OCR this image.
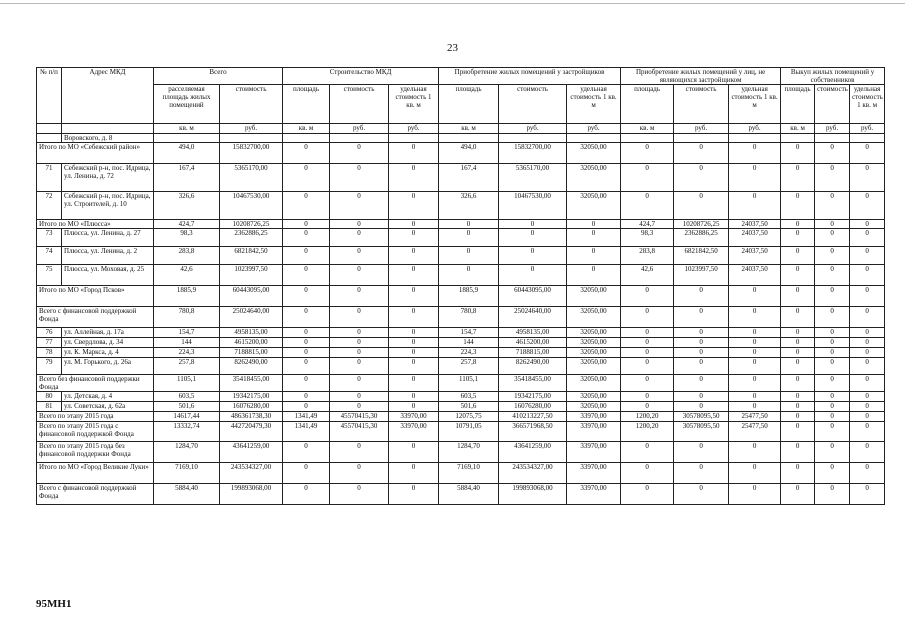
23
№ п/п	Адрес МКД	Всего		Строительство МКД			Приобретение жилых помещений у застройщиков			Приобретение жилых помещений у лиц, не являющихся застройщиком			Выкуп жилых помещений у собственников		
		расселяемая площадь жилых помещений	стоимость	площадь	стоимость	удельная стоимость 1 кв. м	площадь	стоимость	удельная стоимость 1 кв. м	площадь	стоимость	удельная стоимость 1 кв. м	площадь	стоимость	удельная стоимость 1 кв. м
		кв. м	руб.	кв. м	руб.	руб.	кв. м	руб.	руб.	кв. м	руб.	руб.	кв. м	руб.	руб.
	Воровского, д. 8														
Итого по МО «Себежский район»		494,0	15832700,00	0	0	0	494,0	15832700,00	32050,00	0	0	0	0	0	0
71	Себежский р-н, пос. Идрица, ул. Ленина, д. 72	167,4	5365170,00	0	0	0	167,4	5365170,00	32050,00	0	0	0	0	0	0
72	Себежский р-н, пос. Идрица, ул. Строителей, д. 10	326,6	10467530,00	0	0	0	326,6	10467530,00	32050,00	0	0	0	0	0	0
Итого по МО «Плюсса»		424,7	10208726,25	0	0	0	0	0	0	424,7	10208726,25	24037,50	0	0	0
73	Плюсса, ул. Ленина, д. 27	98,3	2362886,25	0	0	0	0	0	0	98,3	2362886,25	24037,50	0	0	0
74	Плюсса, ул. Ленина, д. 2	283,8	6821842,50	0	0	0	0	0	0	283,8	6821842,50	24037,50	0	0	0
75	Плюсса, ул. Моховая, д. 25	42,6	1023997,50	0	0	0	0	0	0	42,6	1023997,50	24037,50	0	0	0
Итого по МО «Город Псков»		1885,9	60443095,00	0	0	0	1885,9	60443095,00	32050,00	0	0	0	0	0	0
Всего с финансовой поддержкой Фонда		780,8	25024640,00	0	0	0	780,8	25024640,00	32050,00	0	0	0	0	0	0
76	ул. Аллейная, д. 17а	154,7	4958135,00	0	0	0	154,7	4958135,00	32050,00	0	0	0	0	0	0
77	ул. Свердлова, д. 34	144	4615200,00	0	0	0	144	4615200,00	32050,00	0	0	0	0	0	0
78	ул. К. Маркса, д. 4	224,3	7188815,00	0	0	0	224,3	7188815,00	32050,00	0	0	0	0	0	0
79	ул. М. Горького, д. 26а	257,8	8262490,00	0	0	0	257,8	8262490,00	32050,00	0	0	0	0	0	0
Всего без финансовой поддержки Фонда		1105,1	35418455,00	0	0	0	1105,1	35418455,00	32050,00	0	0	0	0	0	0
80	ул. Детская, д. 4	603,5	19342175,00	0	0	0	603,5	19342175,00	32050,00	0	0	0	0	0	0
81	ул. Советская, д. 62а	501,6	16076280,00	0	0	0	501,6	16076280,00	32050,00	0	0	0	0	0	0
Всего по этапу 2015 года		14617,44	486361738,30	1341,49	45570415,30	33970,00	12075,75	410213227,50	33970,00	1200,20	30578095,50	25477,50	0	0	0
Всего по этапу 2015 года с финансовой поддержкой Фонда		13332,74	442720479,30	1341,49	45570415,30	33970,00	10791,05	366571968,50	33970,00	1200,20	30578095,50	25477,50	0	0	0
Всего по этапу 2015 года без финансовой поддержки Фонда		1284,70	43641259,00	0	0	0	1284,70	43641259,00	33970,00	0	0	0	0	0	0
Итого по МО «Город Великие Луки»		7169,10	243534327,00	0	0	0	7169,10	243534327,00	33970,00	0	0	0	0	0	0
Всего с финансовой поддержкой Фонда		5884,40	199893068,00	0	0	0	5884,40	199893068,00	33970,00	0	0	0	0	0	0
95МН1
